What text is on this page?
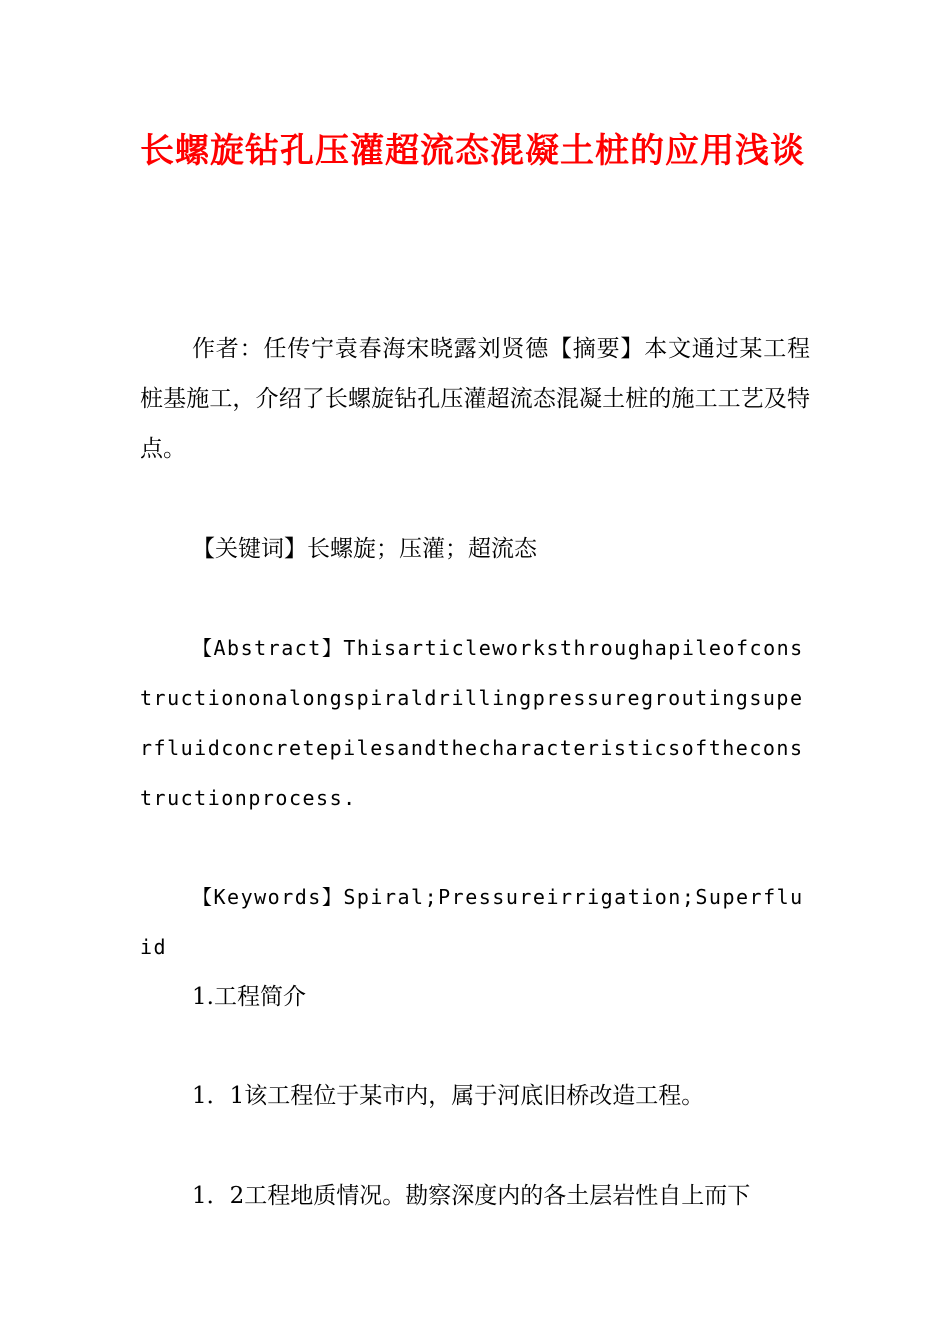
长螺旋钻孔压灌超流态混凝土桩的应用浅谈

作者：任传宁袁春海宋晓露刘贤德【摘要】本文通过某工程桩基施工，介绍了长螺旋钻孔压灌超流态混凝土桩的施工工艺及特点。

【关键词】长螺旋；压灌；超流态

【Abstract】Thisarticleworksthroughapileofconstructiononalongspiraldrillingpressuregroutingsuperfluidconcretepilesandthecharacteristicsoftheconstructionprocess.

【Keywords】Spiral;Pressureirrigation;Superfluid

1.工程简介

1．1该工程位于某市内，属于河底旧桥改造工程。

1．2工程地质情况。勘察深度内的各土层岩性自上而下
